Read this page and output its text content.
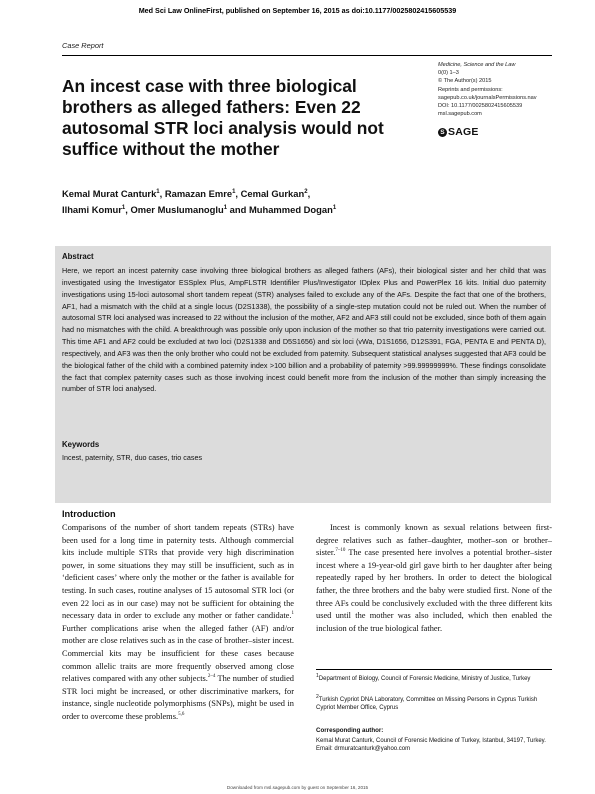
Med Sci Law OnlineFirst, published on September 16, 2015 as doi:10.1177/0025802415605539
Case Report
An incest case with three biological brothers as alleged fathers: Even 22 autosomal STR loci analysis would not suffice without the mother
Medicine, Science and the Law
0(0) 1–3
© The Author(s) 2015
Reprints and permissions:
sagepub.co.uk/journalsPermissions.nav
DOI: 10.1177/0025802415605539
msl.sagepub.com
S SAGE
Kemal Murat Canturk$^1$, Ramazan Emre$^1$, Cemal Gurkan$^2$,
Ilhami Komur$^1$, Omer Muslumanoglu$^1$ and Muhammed Dogan$^1$
Abstract
Here, we report an incest paternity case involving three biological brothers as alleged fathers (AFs), their biological sister and her child that was investigated using the Investigator ESSplex Plus, AmpFLSTR Identifiler Plus/Investigator IDplex Plus and PowerPlex 16 kits. Initial duo paternity investigations using 15-loci autosomal short tandem repeat (STR) analyses failed to exclude any of the AFs. Despite the fact that one of the brothers, AF1, had a mismatch with the child at a single locus (D2S1338), the possibility of a single-step mutation could not be ruled out. When the number of autosomal STR loci analysed was increased to 22 without the inclusion of the mother, AF2 and AF3 still could not be excluded, since both of them again had no mismatches with the child. A breakthrough was possible only upon inclusion of the mother so that trio paternity investigations were carried out. This time AF1 and AF2 could be excluded at two loci (D2S1338 and D5S1656) and six loci (vWa, D1S1656, D12S391, FGA, PENTA E and PENTA D), respectively, and AF3 was then the only brother who could not be excluded from paternity. Subsequent statistical analyses suggested that AF3 could be the biological father of the child with a combined paternity index >100 billion and a probability of paternity >99.99999999%. These findings consolidate the fact that complex paternity cases such as those involving incest could benefit more from the inclusion of the mother than simply increasing the number of STR loci analysed.
Keywords
Incest, paternity, STR, duo cases, trio cases
Introduction
Comparisons of the number of short tandem repeats (STRs) have been used for a long time in paternity tests. Although commercial kits include multiple STRs that provide very high discrimination power, in some situations they may still be insufficient, such as in ‘deficient cases’ where only the mother or the father is available for testing. In such cases, routine analyses of 15 autosomal STR loci (or even 22 loci as in our case) may not be sufficient for obtaining the necessary data in order to exclude any mother or father candidate.$^1$ Further complications arise when the alleged father (AF) and/or mother are close relatives such as in the case of brother–sister incest. Commercial kits may be insufficient for these cases because common allelic traits are more frequently observed among close relatives compared with any other subjects.$^{2-4}$ The number of studied STR loci might be increased, or other discriminative markers, for instance, single nucleotide polymorphisms (SNPs), might be used in order to overcome these problems.$^{5,6}$
Incest is commonly known as sexual relations between first-degree relatives such as father–daughter, mother–son or brother–sister.$^{7-10}$ The case presented here involves a potential brother–sister incest where a 19-year-old girl gave birth to her daughter after being repeatedly raped by her brothers. In order to detect the biological father, the three brothers and the baby were studied first. None of the three AFs could be conclusively excluded with the three different kits used until the mother was also included, which then enabled the inclusion of the true biological father.
$^1$Department of Biology, Council of Forensic Medicine, Ministry of Justice, Turkey
$^2$Turkish Cypriot DNA Laboratory, Committee on Missing Persons in Cyprus Turkish Cypriot Member Office, Cyprus
Corresponding author:
Kemal Murat Canturk, Council of Forensic Medicine of Turkey, Istanbul, 34197, Turkey.
Email: drmuratcanturk@yahoo.com
Downloaded from msl.sagepub.com by guest on September 16, 2015
